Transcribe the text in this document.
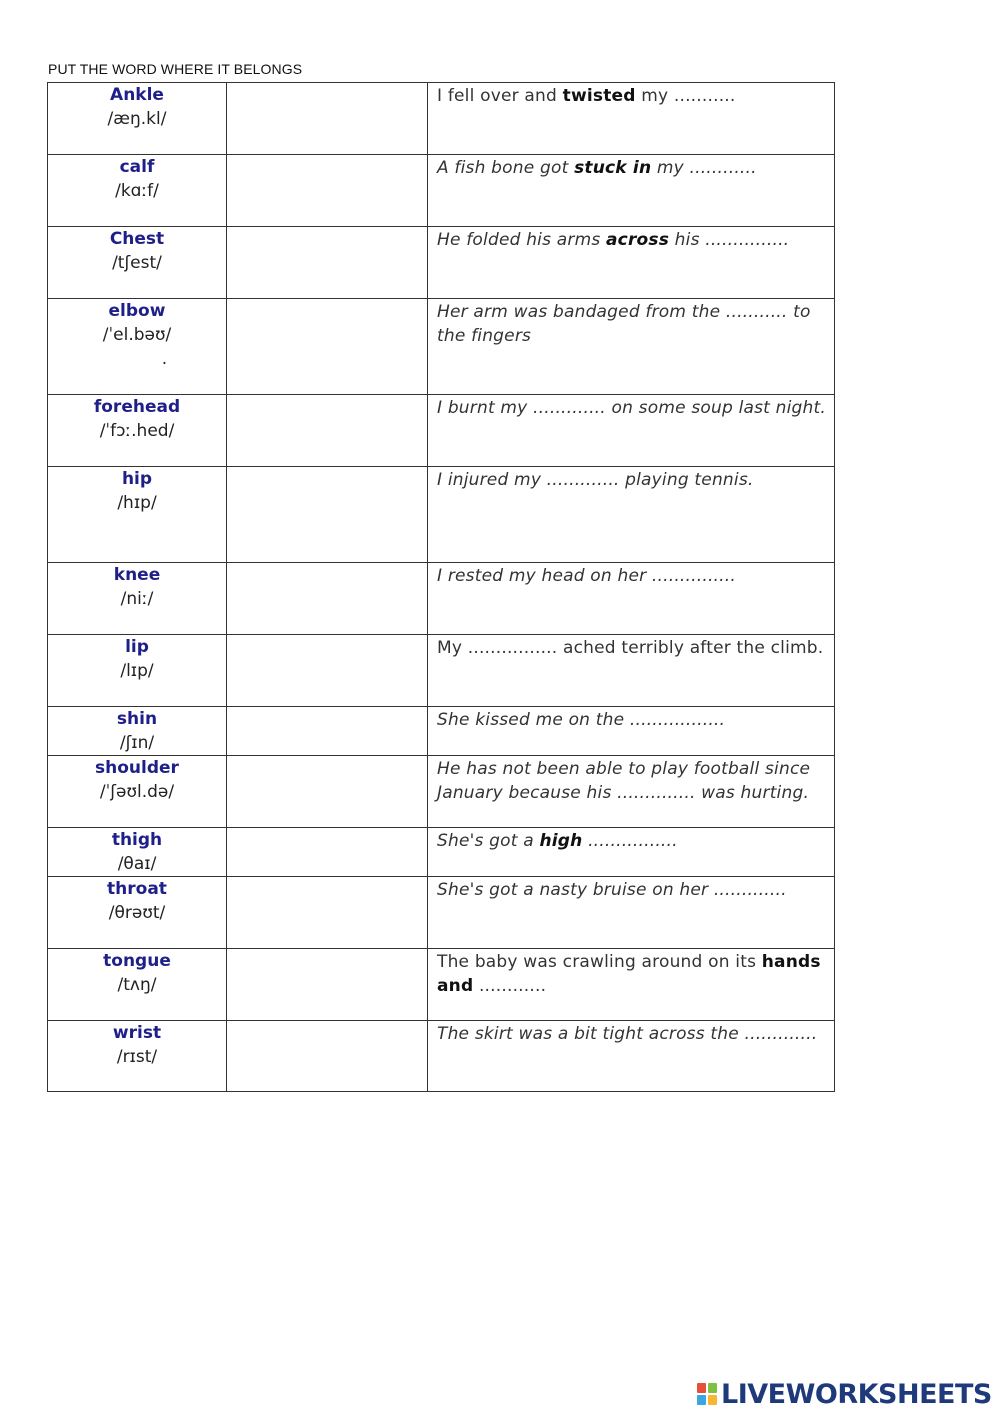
PUT THE WORD WHERE IT BELONGS
Ankle
/æŋ.kl/		I fell over and twisted my ...........

calf
/kɑːf/		A fish bone got stuck in my ............

Chest
/tʃest/		He folded his arms across his ...............

elbow
/ˈel.bəʊ/
.		Her arm was bandaged from the ........... to the fingers

forehead
/ˈfɔː.hed/		I burnt my ............. on some soup last night.

hip
/hɪp/		I injured my ............. playing tennis.

knee
/niː/		I rested my head on her ...............

lip
/lɪp/		My ................ ached terribly after the climb.

shin
/ʃɪn/		She kissed me on the .................

shoulder
/ˈʃəʊl.də/		He has not been able to play football since January because his .............. was hurting.

thigh
/θaɪ/		She's got a high ................

throat
/θrəʊt/		She's got a nasty bruise on her .............

tongue
/tʌŋ/		The baby was crawling around on its hands and ............

wrist
/rɪst/		The skirt was a bit tight across the .............
LIVEWORKSHEETS
